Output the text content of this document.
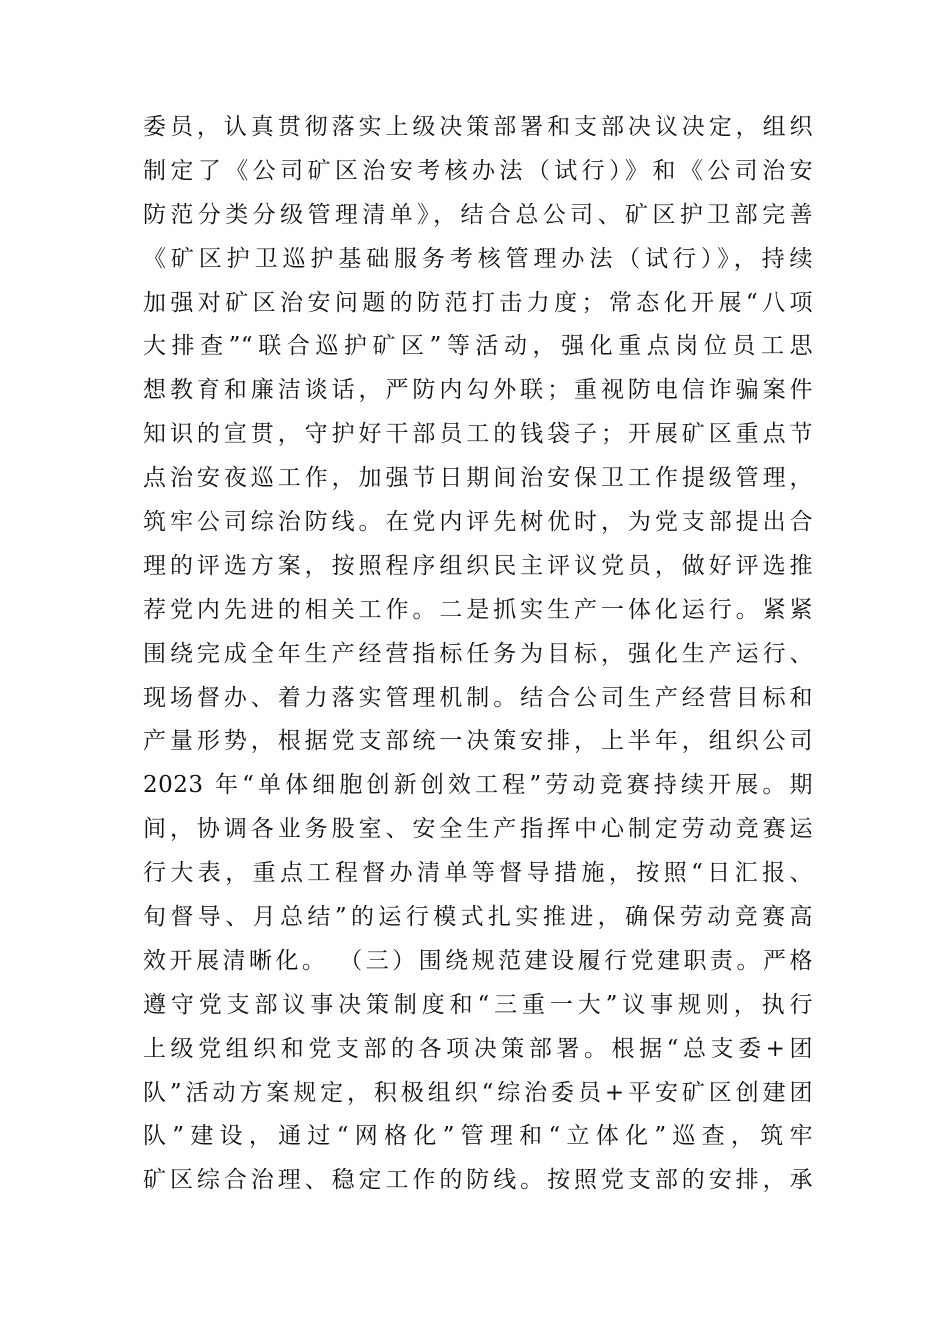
委员，认真贯彻落实上级决策部署和支部决议决定，组织
制定了《公司矿区治安考核办法（试行）》和《公司治安
防范分类分级管理清单》，结合总公司、矿区护卫部完善
《矿区护卫巡护基础服务考核管理办法（试行）》，持续
加强对矿区治安问题的防范打击力度；常态化开展“八项
大排查”“联合巡护矿区”等活动，强化重点岗位员工思
想教育和廉洁谈话，严防内勾外联；重视防电信诈骗案件
知识的宣贯，守护好干部员工的钱袋子；开展矿区重点节
点治安夜巡工作，加强节日期间治安保卫工作提级管理，
筑牢公司综治防线。在党内评先树优时，为党支部提出合
理的评选方案，按照程序组织民主评议党员，做好评选推
荐党内先进的相关工作。二是抓实生产一体化运行。紧紧
围绕完成全年生产经营指标任务为目标，强化生产运行、
现场督办、着力落实管理机制。结合公司生产经营目标和
产量形势，根据党支部统一决策安排，上半年，组织公司
2023 年“单体细胞创新创效工程”劳动竞赛持续开展。期
间，协调各业务股室、安全生产指挥中心制定劳动竞赛运
行大表，重点工程督办清单等督导措施，按照“日汇报、
旬督导、月总结”的运行模式扎实推进，确保劳动竞赛高
效开展清晰化。 （三）围绕规范建设履行党建职责。严格
遵守党支部议事决策制度和“三重一大”议事规则，执行
上级党组织和党支部的各项决策部署。根据“总支委+团
队”活动方案规定，积极组织“综治委员+平安矿区创建团
队”建设，通过“网格化”管理和“立体化”巡查，筑牢
矿区综合治理、稳定工作的防线。按照党支部的安排，承
